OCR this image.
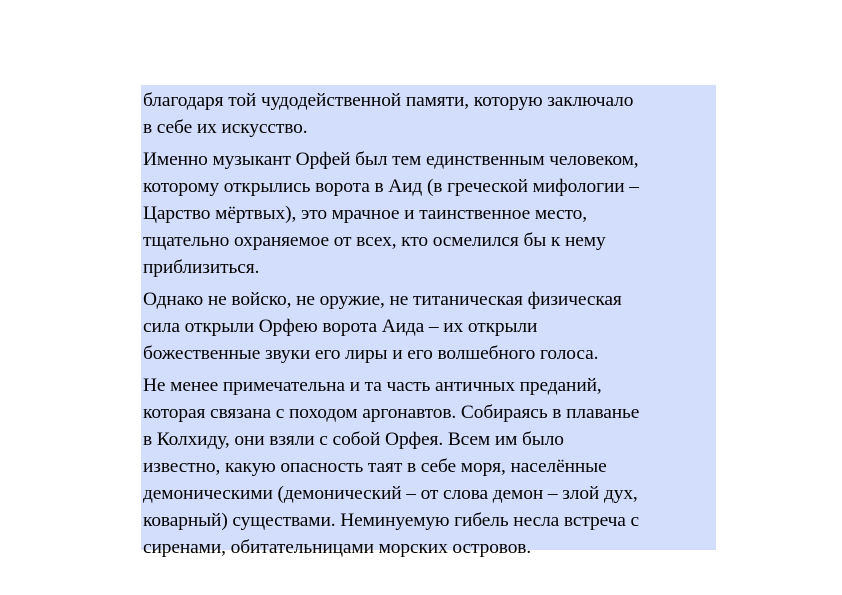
благодаря той чудодейственной памяти, которую заключало
в себе их искусство.

Именно музыкант Орфей был тем единственным человеком,
которому открылись ворота в Аид (в греческой мифологии –
Царство мёртвых), это мрачное и таинственное место,
тщательно охраняемое от всех, кто осмелился бы к нему
приблизиться.

Однако не войско, не оружие, не титаническая физическая
сила открыли Орфею ворота Аида – их открыли
божественные звуки его лиры и его волшебного голоса.

Не менее примечательна и та часть античных преданий,
которая связана с походом аргонавтов. Собираясь в плаванье
в Колхиду, они взяли с собой Орфея. Всем им было
известно, какую опасность таят в себе моря, населённые
демоническими (демонический – от слова демон – злой дух,
коварный) существами. Неминуемую гибель несла встреча с
сиренами, обитательницами морских островов.
